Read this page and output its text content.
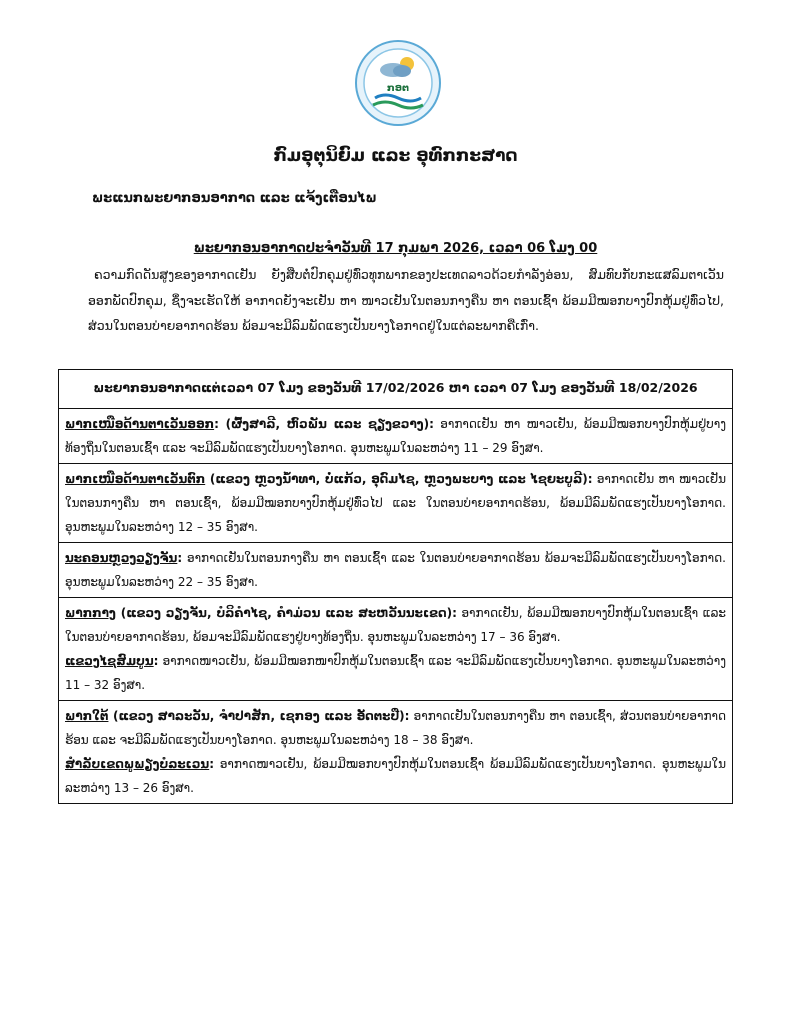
ກອຕ
ກົມອຸຕຸນິຍົມ ແລະ ອຸທົກກະສາດ
ພະແນກພະຍາກອນອາກາດ ແລະ ແຈ້ງເຕືອນໄພ
ພະຍາກອນອາກາດປະຈຳວັນທີ 17 ກຸມພາ 2026, ເວລາ 06 ໂມງ 00
ຄວາມກົດດັນສູງຂອງອາກາດເຢັນ ຍັງສືບຕໍ່ປົກຄຸມຢູ່ທົ່ວທຸກພາກຂອງປະເທດລາວດ້ວຍກຳລັງອ່ອນ, ສົມທົບກັບກະແສລົມຕາເວັນອອກພັດປົກຄຸມ, ຊຶ່ງຈະເຮັດໃຫ້ ອາກາດຍັງຈະເຢັນ ຫາ ໜາວເຢັນໃນຕອນກາງຄືນ ຫາ ຕອນເຊົ້າ ພ້ອມມີໝອກບາງປົກຫຸ້ມຢູ່ທົ່ວໄປ, ສ່ວນໃນຕອນບ່າຍອາກາດຮ້ອນ ພ້ອມຈະມີລົມພັດແຮງເປັນບາງໂອກາດຢູ່ໃນແຕ່ລະພາກຄືເກົ່າ.
ພະຍາກອນອາກາດແຕ່ເວລາ 07 ໂມງ ຂອງວັນທີ 17/02/2026 ຫາ ເວລາ 07 ໂມງ ຂອງວັນທີ 18/02/2026
ພາກເໜືອດ້ານຕາເວັນອອກ: (ຜົ້ງສາລີ, ຫົວພັນ ແລະ ຊຽງຂວາງ): ອາກາດເຢັນ ຫາ ໜາວເຢັນ, ພ້ອມມີໝອກບາງປົກຫຸ້ມຢູ່ບາງທ້ອງຖິ່ນໃນຕອນເຊົ້າ ແລະ ຈະມີລົມພັດແຮງເປັນບາງໂອກາດ. ອຸນຫະພູມໃນລະຫວ່າງ 11 – 29 ອົງສາ.
ພາກເໜືອດ້ານຕາເວັນຕົກ (ແຂວງ ຫຼວງນ້ຳທາ, ບໍ່ແກ້ວ, ອຸດົມໄຊ, ຫຼວງພະບາງ ແລະ ໄຊຍະບູລີ): ອາກາດເຢັນ ຫາ ໜາວເຢັນໃນຕອນກາງຄືນ ຫາ ຕອນເຊົ້າ, ພ້ອມມີໝອກບາງປົກຫຸ້ມຢູ່ທົ່ວໄປ ແລະ ໃນຕອນບ່າຍອາກາດຮ້ອນ, ພ້ອມມີລົມພັດແຮງເປັນບາງໂອກາດ. ອຸນຫະພູມໃນລະຫວ່າງ 12 – 35 ອົງສາ.
ນະຄອນຫຼວງວຽງຈັນ: ອາກາດເຢັນໃນຕອນກາງຄືນ ຫາ ຕອນເຊົ້າ ແລະ ໃນຕອນບ່າຍອາກາດຮ້ອນ ພ້ອມຈະມີລົມພັດແຮງເປັນບາງໂອກາດ. ອຸນຫະພູມໃນລະຫວ່າງ 22 – 35 ອົງສາ.

ພາກກາງ (ແຂວງ ວຽງຈັນ, ບໍລິຄຳໄຊ, ຄຳມ່ວນ ແລະ ສະຫວັນນະເຂດ): ອາກາດເຢັນ, ພ້ອມມີໝອກບາງປົກຫຸ້ມໃນຕອນເຊົ້າ ແລະ ໃນຕອນບ່າຍອາກາດຮ້ອນ, ພ້ອມຈະມີລົມພັດແຮງຢູ່ບາງທ້ອງຖິ່ນ. ອຸນຫະພູມໃນລະຫວ່າງ 17 – 36 ອົງສາ.
ແຂວງໄຊສົມບູນ: ອາກາດໜາວເຢັນ, ພ້ອມມີໝອກໜາປົກຫຸ້ມໃນຕອນເຊົ້າ ແລະ ຈະມີລົມພັດແຮງເປັນບາງໂອກາດ. ອຸນຫະພູມໃນລະຫວ່າງ 11 – 32 ອົງສາ.

ພາກໃຕ້ (ແຂວງ ສາລະວັນ, ຈຳປາສັກ, ເຊກອງ ແລະ ອັດຕະປື): ອາກາດເຢັນໃນຕອນກາງຄືນ ຫາ ຕອນເຊົ້າ, ສ່ວນຕອນບ່າຍອາກາດຮ້ອນ ແລະ ຈະມີລົມພັດແຮງເປັນບາງໂອກາດ. ອຸນຫະພູມໃນລະຫວ່າງ 18 – 38 ອົງສາ.
ສຳລັບເຂດພູພຽງບໍລະເວນ: ອາກາດໜາວເຢັນ, ພ້ອມມີໝອກບາງປົກຫຸ້ມໃນຕອນເຊົ້າ ພ້ອມມີລົມພັດແຮງເປັນບາງໂອກາດ. ອຸນຫະພູມໃນລະຫວ່າງ 13 – 26 ອົງສາ.
